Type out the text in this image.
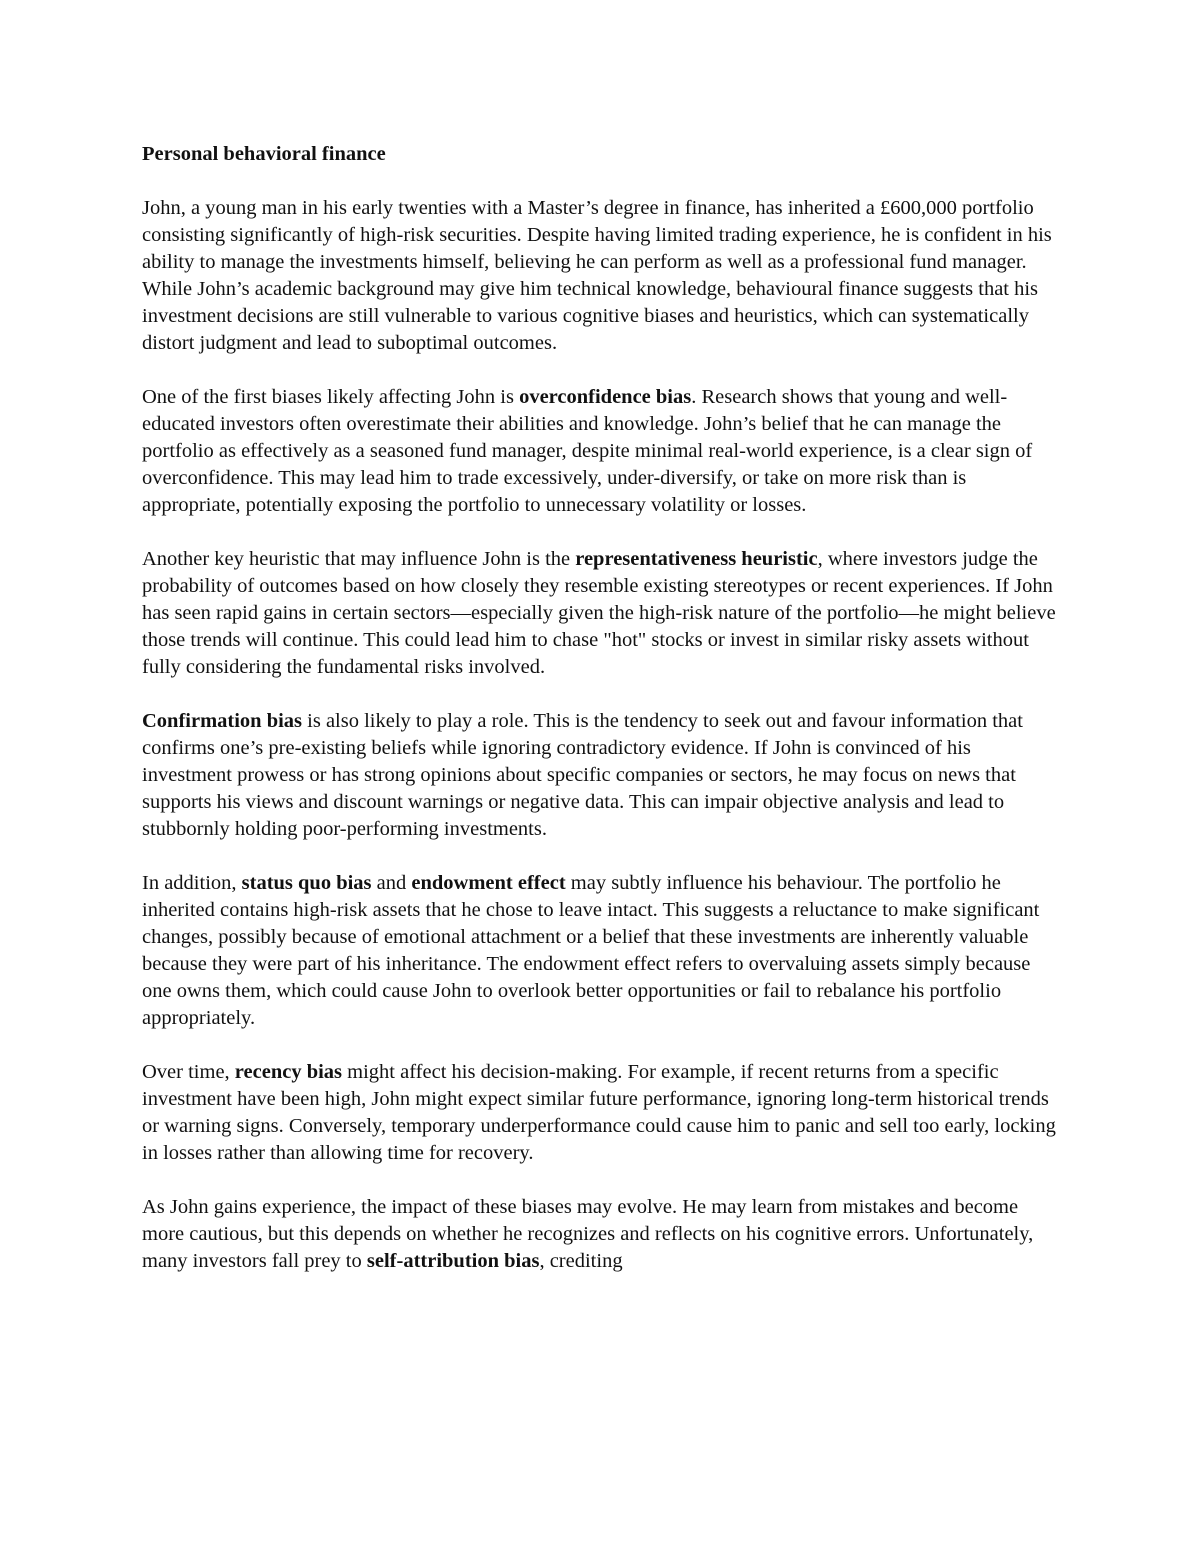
Personal behavioral finance

John, a young man in his early twenties with a Master’s degree in finance, has inherited a £600,000 portfolio consisting significantly of high-risk securities. Despite having limited trading experience, he is confident in his ability to manage the investments himself, believing he can perform as well as a professional fund manager. While John’s academic background may give him technical knowledge, behavioural finance suggests that his investment decisions are still vulnerable to various cognitive biases and heuristics, which can systematically distort judgment and lead to suboptimal outcomes.

One of the first biases likely affecting John is overconfidence bias. Research shows that young and well-educated investors often overestimate their abilities and knowledge. John’s belief that he can manage the portfolio as effectively as a seasoned fund manager, despite minimal real-world experience, is a clear sign of overconfidence. This may lead him to trade excessively, under-diversify, or take on more risk than is appropriate, potentially exposing the portfolio to unnecessary volatility or losses.

Another key heuristic that may influence John is the representativeness heuristic, where investors judge the probability of outcomes based on how closely they resemble existing stereotypes or recent experiences. If John has seen rapid gains in certain sectors—especially given the high-risk nature of the portfolio—he might believe those trends will continue. This could lead him to chase "hot" stocks or invest in similar risky assets without fully considering the fundamental risks involved.

Confirmation bias is also likely to play a role. This is the tendency to seek out and favour information that confirms one’s pre-existing beliefs while ignoring contradictory evidence. If John is convinced of his investment prowess or has strong opinions about specific companies or sectors, he may focus on news that supports his views and discount warnings or negative data. This can impair objective analysis and lead to stubbornly holding poor-performing investments.

In addition, status quo bias and endowment effect may subtly influence his behaviour. The portfolio he inherited contains high-risk assets that he chose to leave intact. This suggests a reluctance to make significant changes, possibly because of emotional attachment or a belief that these investments are inherently valuable because they were part of his inheritance. The endowment effect refers to overvaluing assets simply because one owns them, which could cause John to overlook better opportunities or fail to rebalance his portfolio appropriately.

Over time, recency bias might affect his decision-making. For example, if recent returns from a specific investment have been high, John might expect similar future performance, ignoring long-term historical trends or warning signs. Conversely, temporary underperformance could cause him to panic and sell too early, locking in losses rather than allowing time for recovery.

As John gains experience, the impact of these biases may evolve. He may learn from mistakes and become more cautious, but this depends on whether he recognizes and reflects on his cognitive errors. Unfortunately, many investors fall prey to self-attribution bias, crediting
